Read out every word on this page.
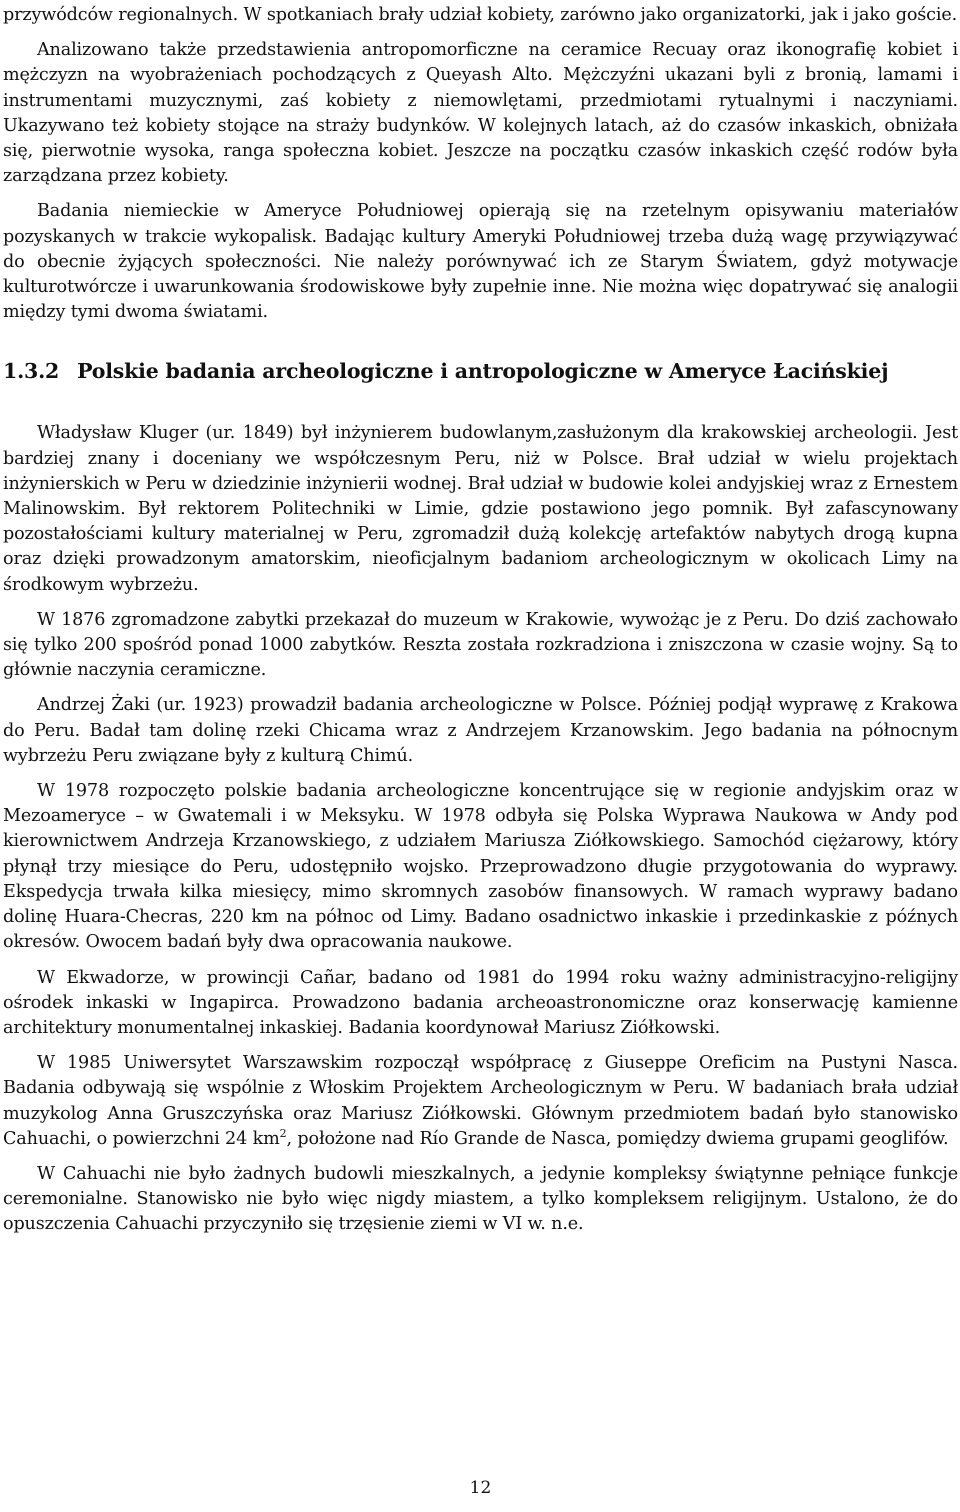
przywódców regionalnych. W spotkaniach brały udział kobiety, zarówno jako organizatorki, jak i jako goście.

Analizowano także przedstawienia antropomorficzne na ceramice Recuay oraz ikonografię kobiet i mężczyzn na wyobrażeniach pochodzących z Queyash Alto. Mężczyźni ukazani byli z bronią, lamami i instrumentami muzycznymi, zaś kobiety z niemowlętami, przedmiotami rytualnymi i naczyniami. Ukazywano też kobiety stojące na straży budynków. W kolejnych latach, aż do czasów inkaskich, obniżała się, pierwotnie wysoka, ranga społeczna kobiet. Jeszcze na początku czasów inkaskich część rodów była zarządzana przez kobiety.

Badania niemieckie w Ameryce Południowej opierają się na rzetelnym opisywaniu materiałów pozyskanych w trakcie wykopalisk. Badając kultury Ameryki Południowej trzeba dużą wagę przywiązywać do obecnie żyjących społeczności. Nie należy porównywać ich ze Starym Światem, gdyż motywacje kulturotwórcze i uwarunkowania środowiskowe były zupełnie inne. Nie można więc dopatrywać się analogii między tymi dwoma światami.

1.3.2 Polskie badania archeologiczne i antropologiczne w Ameryce Łacińskiej

Władysław Kluger (ur. 1849) był inżynierem budowlanym,zasłużonym dla krakowskiej archeologii. Jest bardziej znany i doceniany we współczesnym Peru, niż w Polsce. Brał udział w wielu projektach inżynierskich w Peru w dziedzinie inżynierii wodnej. Brał udział w budowie kolei andyjskiej wraz z Ernestem Malinowskim. Był rektorem Politechniki w Limie, gdzie postawiono jego pomnik. Był zafascynowany pozostałościami kultury materialnej w Peru, zgromadził dużą kolekcję artefaktów nabytych drogą kupna oraz dzięki prowadzonym amatorskim, nieoficjalnym badaniom archeologicznym w okolicach Limy na środkowym wybrzeżu.

W 1876 zgromadzone zabytki przekazał do muzeum w Krakowie, wywożąc je z Peru. Do dziś zachowało się tylko 200 spośród ponad 1000 zabytków. Reszta została rozkradziona i zniszczona w czasie wojny. Są to głównie naczynia ceramiczne.

Andrzej Żaki (ur. 1923) prowadził badania archeologiczne w Polsce. Później podjął wyprawę z Krakowa do Peru. Badał tam dolinę rzeki Chicama wraz z Andrzejem Krzanowskim. Jego badania na północnym wybrzeżu Peru związane były z kulturą Chimú.

W 1978 rozpoczęto polskie badania archeologiczne koncentrujące się w regionie andyjskim oraz w Mezoameryce – w Gwatemali i w Meksyku. W 1978 odbyła się Polska Wyprawa Naukowa w Andy pod kierownictwem Andrzeja Krzanowskiego, z udziałem Mariusza Ziółkowskiego. Samochód ciężarowy, który płynął trzy miesiące do Peru, udostępniło wojsko. Przeprowadzono długie przygotowania do wyprawy. Ekspedycja trwała kilka miesięcy, mimo skromnych zasobów finansowych. W ramach wyprawy badano dolinę Huara-Checras, 220 km na północ od Limy. Badano osadnictwo inkaskie i przedinkaskie z późnych okresów. Owocem badań były dwa opracowania naukowe.

W Ekwadorze, w prowincji Cañar, badano od 1981 do 1994 roku ważny administracyjno-religijny ośrodek inkaski w Ingapirca. Prowadzono badania archeoastronomiczne oraz konserwację kamienne architektury monumentalnej inkaskiej. Badania koordynował Mariusz Ziółkowski.

W 1985 Uniwersytet Warszawskim rozpoczął współpracę z Giuseppe Oreficim na Pustyni Nasca. Badania odbywają się wspólnie z Włoskim Projektem Archeologicznym w Peru. W badaniach brała udział muzykolog Anna Gruszczyńska oraz Mariusz Ziółkowski. Głównym przedmiotem badań było stanowisko Cahuachi, o powierzchni 24 $km^2$, położone nad Río Grande de Nasca, pomiędzy dwiema grupami geoglifów.

W Cahuachi nie było żadnych budowli mieszkalnych, a jedynie kompleksy świątynne pełniące funkcje ceremonialne. Stanowisko nie było więc nigdy miastem, a tylko kompleksem religijnym. Ustalono, że do opuszczenia Cahuachi przyczyniło się trzęsienie ziemi w VI w. n.e.

12
